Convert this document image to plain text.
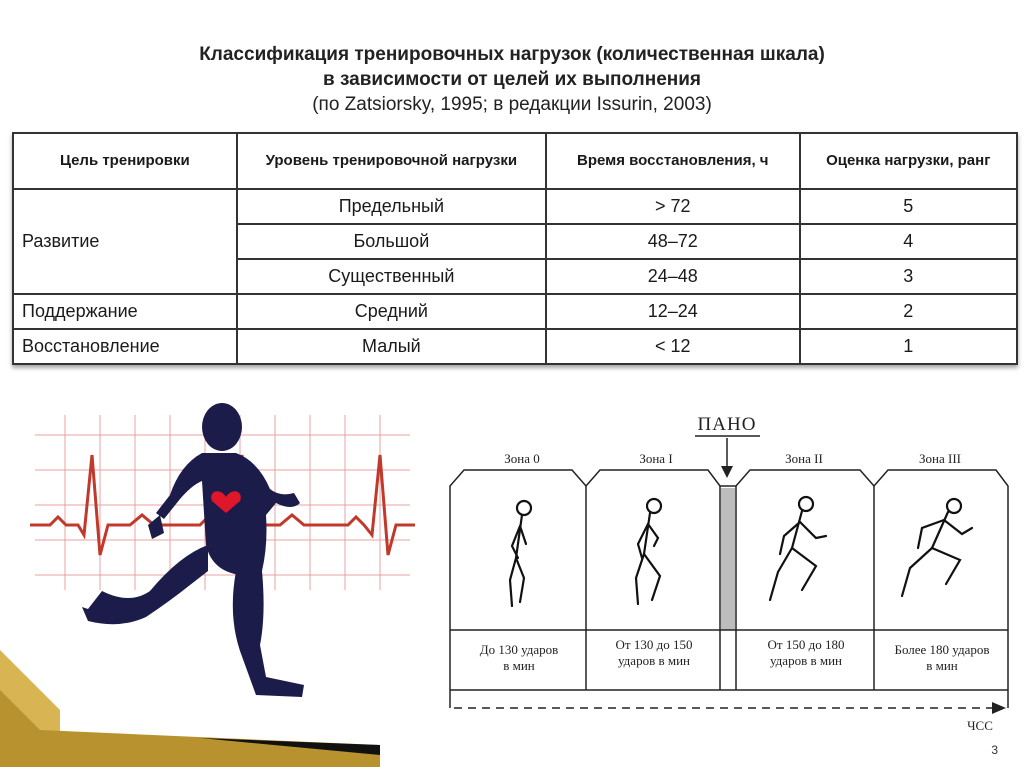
Классификация тренировочных нагрузок (количественная шкала)
в зависимости от целей их выполнения
(по Zatsiorsky, 1995; в редакции Issurin, 2003)
Цель тренировки	Уровень тренировочной нагрузки	Время восстановления, ч	Оценка нагрузки, ранг
Развитие	Предельный	> 72	5
	Большой	48–72	4
	Существенный	24–48	3
Поддержание	Средний	12–24	2
Восстановление	Малый	< 12	1
ПАНО
Зона 0	Зона I	Зона II	Зона III
ЧСС
До 130 ударов
в мин
От 130 до 150
ударов в мин
От 150 до 180
ударов в мин
Более 180 ударов
в мин
3
